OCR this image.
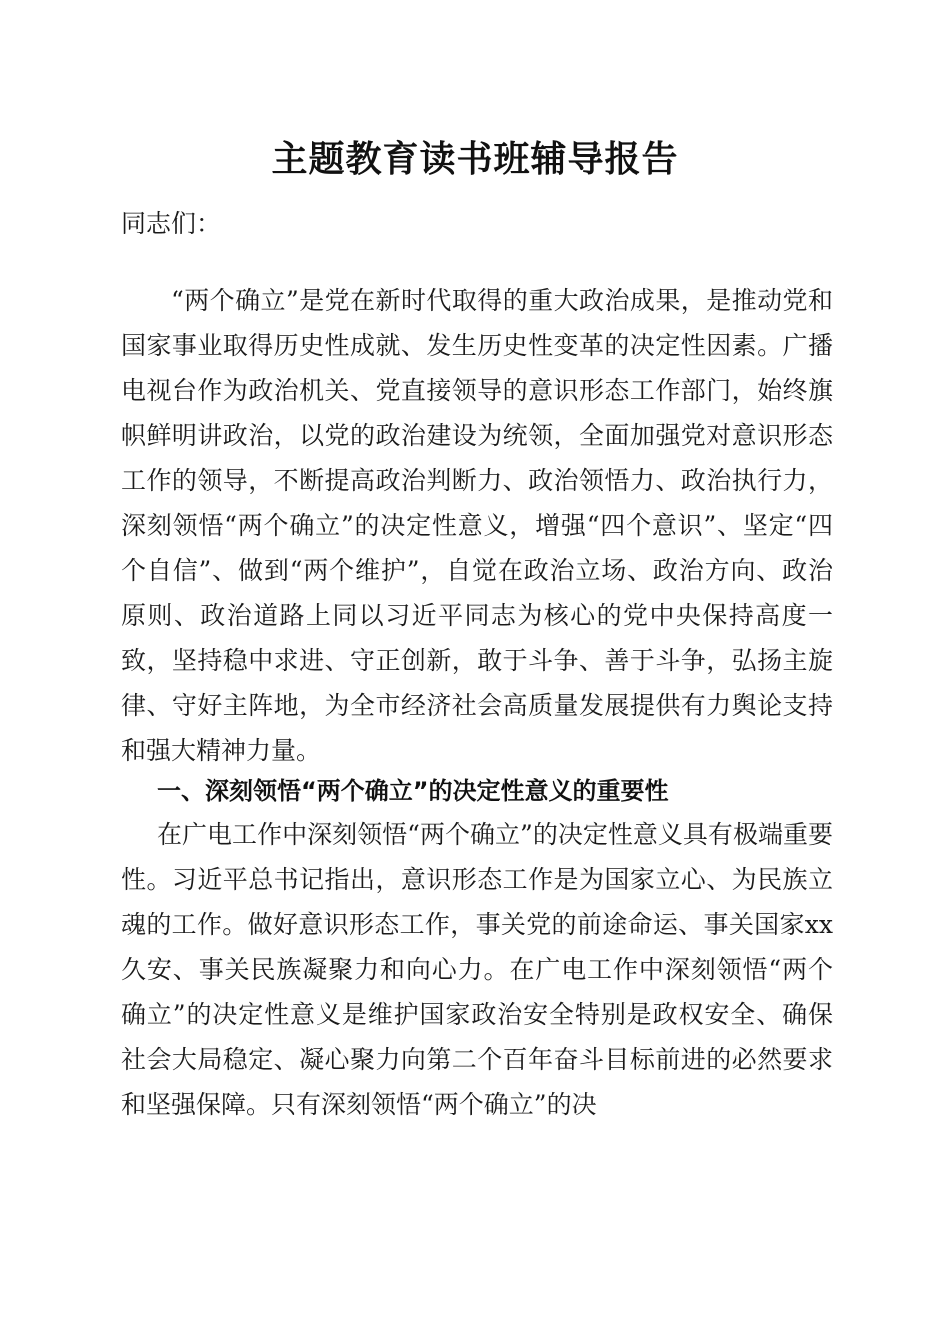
主题教育读书班辅导报告
同志们：
“两个确立”是党在新时代取得的重大政治成果，是推动党和国家事业取得历史性成就、发生历史性变革的决定性因素。广播电视台作为政治机关、党直接领导的意识形态工作部门，始终旗帜鲜明讲政治，以党的政治建设为统领，全面加强党对意识形态工作的领导，不断提高政治判断力、政治领悟力、政治执行力，深刻领悟“两个确立”的决定性意义，增强“四个意识”、坚定“四个自信”、做到“两个维护”，自觉在政治立场、政治方向、政治原则、政治道路上同以习近平同志为核心的党中央保持高度一致，坚持稳中求进、守正创新，敢于斗争、善于斗争，弘扬主旋律、守好主阵地，为全市经济社会高质量发展提供有力舆论支持和强大精神力量。
一、深刻领悟“两个确立”的决定性意义的重要性
在广电工作中深刻领悟“两个确立”的决定性意义具有极端重要性。习近平总书记指出，意识形态工作是为国家立心、为民族立魂的工作。做好意识形态工作，事关党的前途命运、事关国家xx久安、事关民族凝聚力和向心力。在广电工作中深刻领悟“两个确立”的决定性意义是维护国家政治安全特别是政权安全、确保社会大局稳定、凝心聚力向第二个百年奋斗目标前进的必然要求和坚强保障。只有深刻领悟“两个确立”的决
